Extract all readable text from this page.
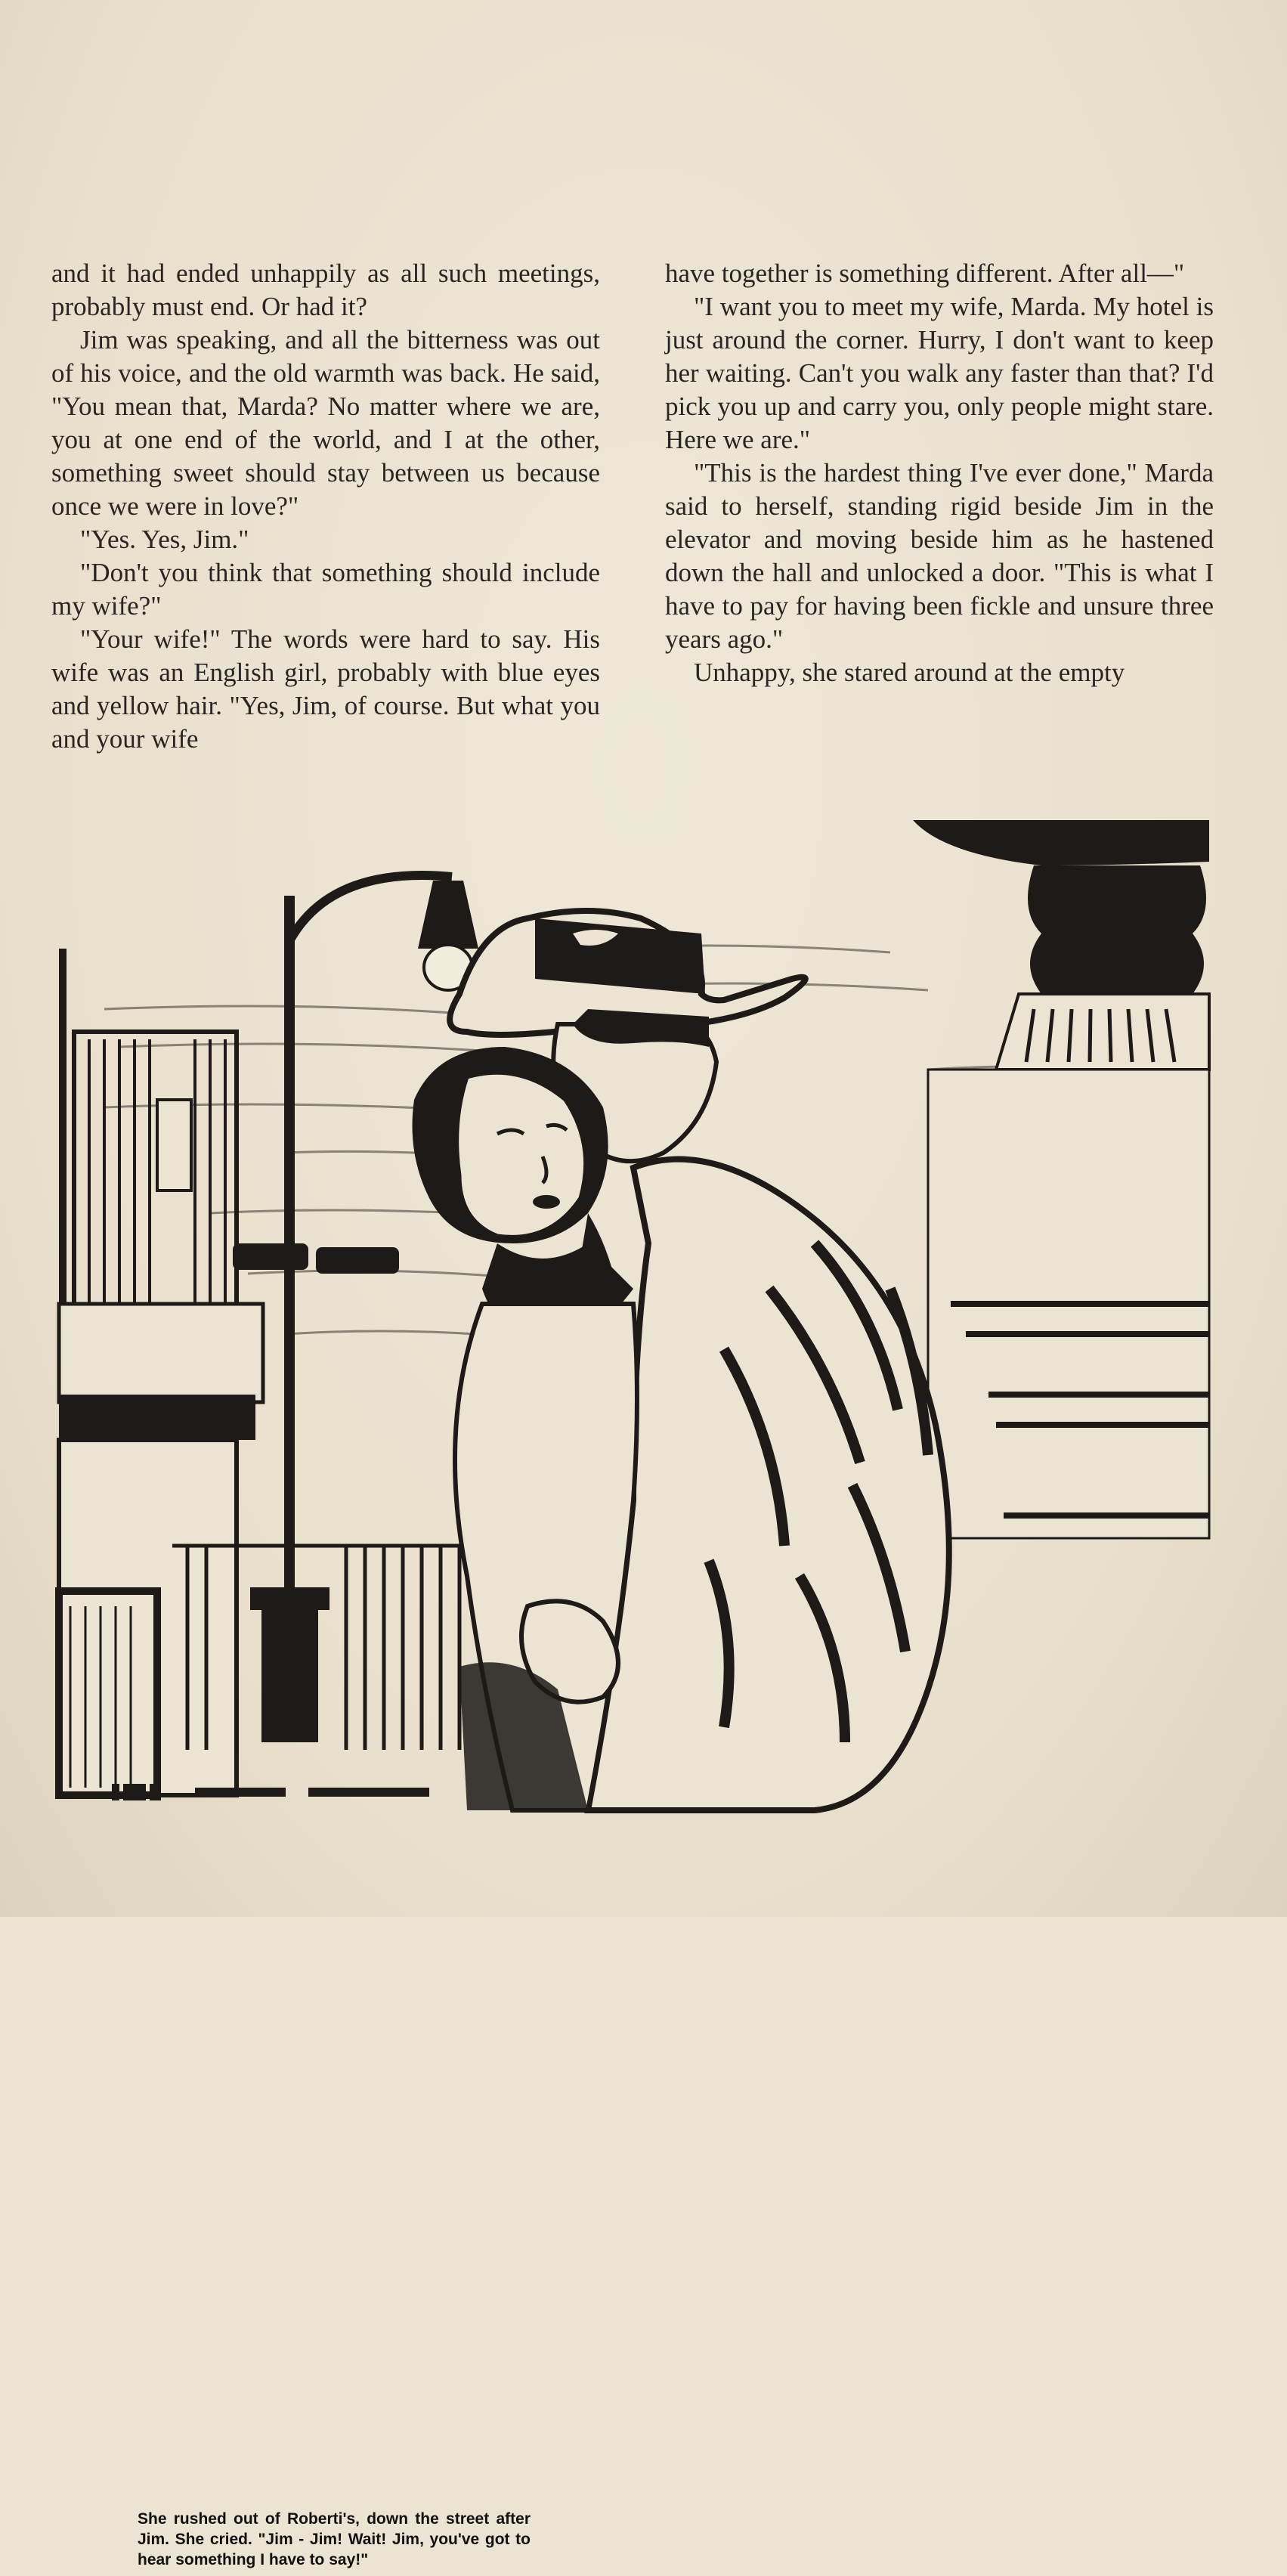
and it had ended unhappily as all such meetings, probably must end. Or had it?

Jim was speaking, and all the bitterness was out of his voice, and the old warmth was back. He said, "You mean that, Marda? No matter where we are, you at one end of the world, and I at the other, something sweet should stay between us because once we were in love?"

"Yes. Yes, Jim."

"Don't you think that something should include my wife?"

"Your wife!" The words were hard to say. His wife was an English girl, probably with blue eyes and yellow hair. "Yes, Jim, of course. But what you and your wife

have together is something different. After all—"

"I want you to meet my wife, Marda. My hotel is just around the corner. Hurry, I don't want to keep her waiting. Can't you walk any faster than that? I'd pick you up and carry you, only people might stare. Here we are."

"This is the hardest thing I've ever done," Marda said to herself, standing rigid beside Jim in the elevator and moving beside him as he hastened down the hall and unlocked a door. "This is what I have to pay for having been fickle and unsure three years ago."

Unhappy, she stared around at the empty

She rushed out of Roberti's, down the street after Jim. She cried. "Jim - Jim! Wait! Jim, you've got to hear something I have to say!"
